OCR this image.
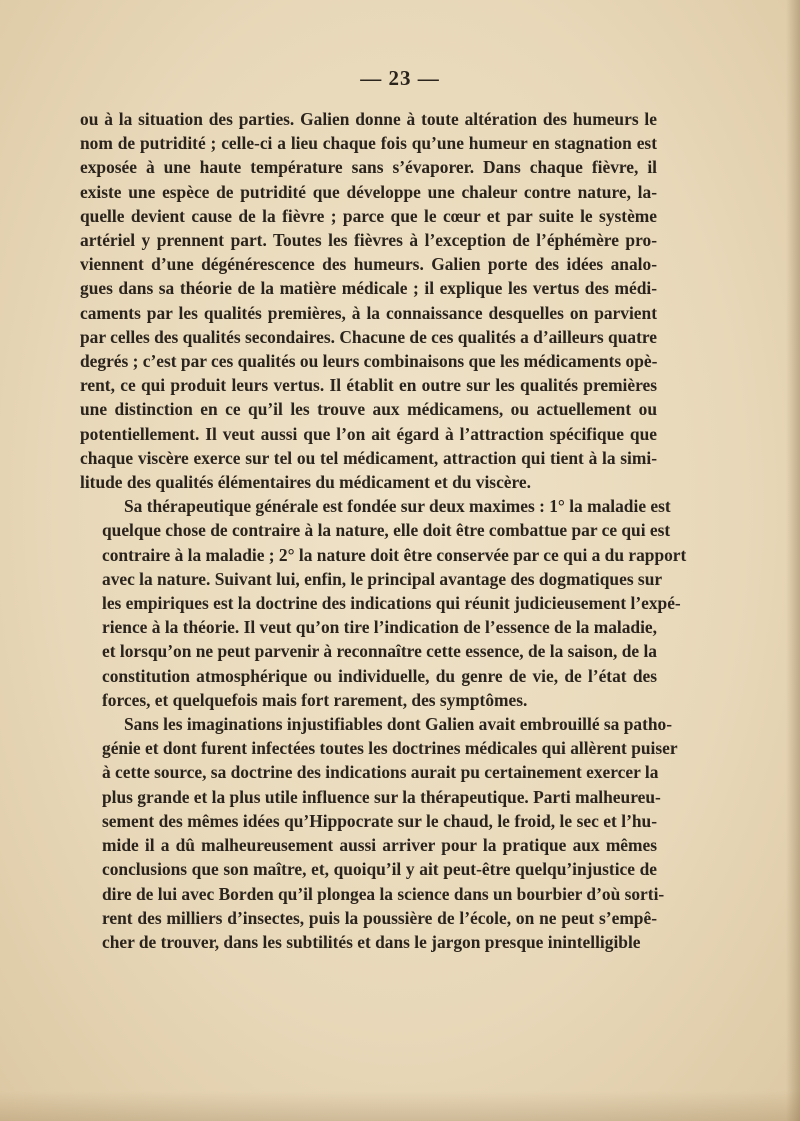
— 23 —
ou à la situation des parties. Galien donne à toute altération des humeurs le
nom de putridité ; celle-ci a lieu chaque fois qu’une humeur en stagnation est
exposée à une haute température sans s’évaporer. Dans chaque fièvre, il
existe une espèce de putridité que développe une chaleur contre nature, la-
quelle devient cause de la fièvre ; parce que le cœur et par suite le système
artériel y prennent part. Toutes les fièvres à l’exception de l’éphémère pro-
viennent d’une dégénérescence des humeurs. Galien porte des idées analo-
gues dans sa théorie de la matière médicale ; il explique les vertus des médi-
caments par les qualités premières, à la connaissance desquelles on parvient
par celles des qualités secondaires. Chacune de ces qualités a d’ailleurs quatre
degrés ; c’est par ces qualités ou leurs combinaisons que les médicaments opè-
rent, ce qui produit leurs vertus. Il établit en outre sur les qualités premières
une distinction en ce qu’il les trouve aux médicamens, ou actuellement ou
potentiellement. Il veut aussi que l’on ait égard à l’attraction spécifique que
chaque viscère exerce sur tel ou tel médicament, attraction qui tient à la simi-
litude des qualités élémentaires du médicament et du viscère.
Sa thérapeutique générale est fondée sur deux maximes : 1° la maladie est
quelque chose de contraire à la nature, elle doit être combattue par ce qui est
contraire à la maladie ; 2° la nature doit être conservée par ce qui a du rapport
avec la nature. Suivant lui, enfin, le principal avantage des dogmatiques sur
les empiriques est la doctrine des indications qui réunit judicieusement l’expé-
rience à la théorie. Il veut qu’on tire l’indication de l’essence de la maladie,
et lorsqu’on ne peut parvenir à reconnaître cette essence, de la saison, de la
constitution atmosphérique ou individuelle, du genre de vie, de l’état des
forces, et quelquefois mais fort rarement, des symptômes.
Sans les imaginations injustifiables dont Galien avait embrouillé sa patho-
génie et dont furent infectées toutes les doctrines médicales qui allèrent puiser
à cette source, sa doctrine des indications aurait pu certainement exercer la
plus grande et la plus utile influence sur la thérapeutique. Parti malheureu-
sement des mêmes idées qu’Hippocrate sur le chaud, le froid, le sec et l’hu-
mide il a dû malheureusement aussi arriver pour la pratique aux mêmes
conclusions que son maître, et, quoiqu’il y ait peut-être quelqu’injustice de
dire de lui avec Borden qu’il plongea la science dans un bourbier d’où sorti-
rent des milliers d’insectes, puis la poussière de l’école, on ne peut s’empê-
cher de trouver, dans les subtilités et dans le jargon presque inintelligible
